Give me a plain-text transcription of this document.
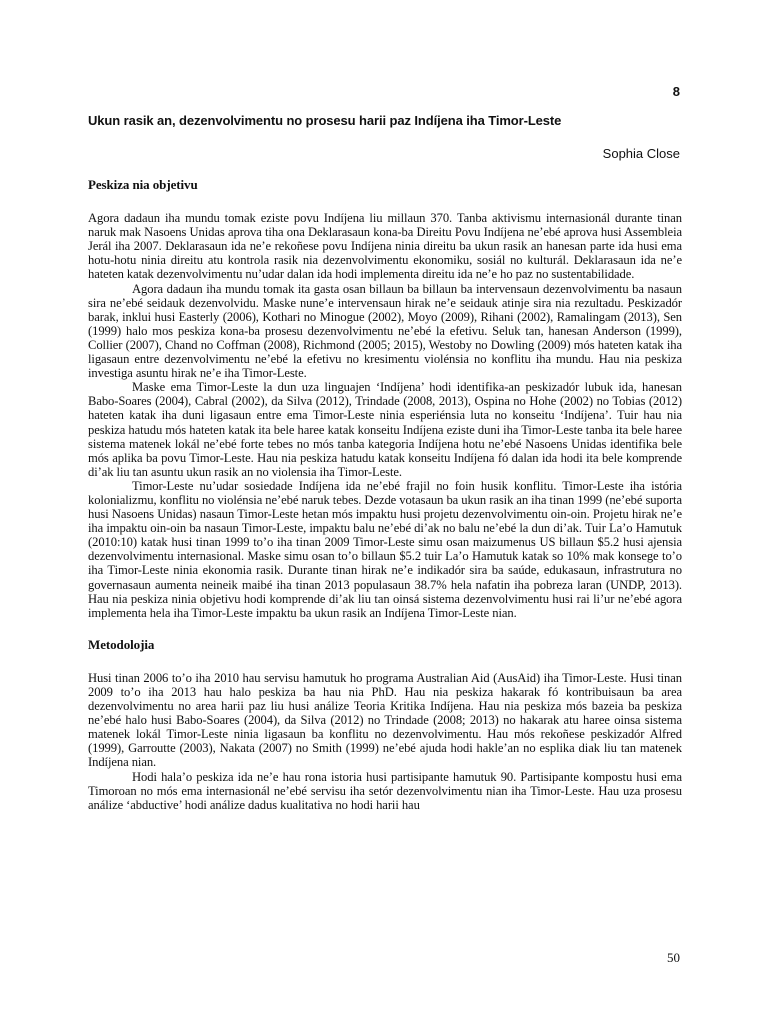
8
Ukun rasik an, dezenvolvimentu no prosesu harii paz Indíjena iha Timor-Leste
Sophia Close
Peskiza nia objetivu

Agora dadaun iha mundu tomak eziste povu Indíjena liu millaun 370. Tanba aktivismu internasionál durante tinan naruk mak Nasoens Unidas aprova tiha ona Deklarasaun kona-ba Direitu Povu Indíjena ne’ebé aprova husi Assembleia Jerál iha 2007. Deklarasaun ida ne’e rekoñese povu Indíjena ninia direitu ba ukun rasik an hanesan parte ida husi ema hotu-hotu ninia direitu atu kontrola rasik nia dezenvolvimentu ekonomiku, sosiál no kulturál. Deklarasaun ida ne’e hateten katak dezenvolvimentu nu’udar dalan ida hodi implementa direitu ida ne’e ho paz no sustentabilidade.

Agora dadaun iha mundu tomak ita gasta osan billaun ba billaun ba intervensaun dezenvolvimentu ba nasaun sira ne’ebé seidauk dezenvolvidu. Maske nune’e intervensaun hirak ne’e seidauk atinje sira nia rezultadu. Peskizadór barak, inklui husi Easterly (2006), Kothari no Minogue (2002), Moyo (2009), Rihani (2002), Ramalingam (2013), Sen (1999) halo mos peskiza kona-ba prosesu dezenvolvimentu ne’ebé la efetivu. Seluk tan, hanesan Anderson (1999), Collier (2007), Chand no Coffman (2008), Richmond (2005; 2015), Westoby no Dowling (2009) mós hateten katak iha ligasaun entre dezenvolvimentu ne’ebé la efetivu no kresimentu violénsia no konflitu iha mundu. Hau nia peskiza investiga asuntu hirak ne’e iha Timor-Leste.

Maske ema Timor-Leste la dun uza linguajen ‘Indíjena’ hodi identifika-an peskizadór lubuk ida, hanesan Babo-Soares (2004), Cabral (2002), da Silva (2012), Trindade (2008, 2013), Ospina no Hohe (2002) no Tobias (2012) hateten katak iha duni ligasaun entre ema Timor-Leste ninia esperiénsia luta no konseitu ‘Indíjena’. Tuir hau nia peskiza hatudu mós hateten katak ita bele haree katak konseitu Indíjena eziste duni iha Timor-Leste tanba ita bele haree sistema matenek lokál ne’ebé forte tebes no mós tanba kategoria Indíjena hotu ne’ebé Nasoens Unidas identifika bele mós aplika ba povu Timor-Leste. Hau nia peskiza hatudu katak konseitu Indíjena fó dalan ida hodi ita bele komprende di’ak liu tan asuntu ukun rasik an no violensia iha Timor-Leste.

Timor-Leste nu’udar sosiedade Indíjena ida ne’ebé frajil no foin husik konflitu. Timor-Leste iha istória kolonializmu, konflitu no violénsia ne’ebé naruk tebes. Dezde votasaun ba ukun rasik an iha tinan 1999 (ne’ebé suporta husi Nasoens Unidas) nasaun Timor-Leste hetan mós impaktu husi projetu dezenvolvimentu oin-oin. Projetu hirak ne’e iha impaktu oin-oin ba nasaun Timor-Leste, impaktu balu ne’ebé di’ak no balu ne’ebé la dun di’ak. Tuir La’o Hamutuk (2010:10) katak husi tinan 1999 to’o iha tinan 2009 Timor-Leste simu osan maizumenus US billaun $5.2 husi ajensia dezenvolvimentu internasional. Maske simu osan to’o billaun $5.2 tuir La’o Hamutuk katak so 10% mak konsege to’o iha Timor-Leste ninia ekonomia rasik. Durante tinan hirak ne’e indikadór sira ba saúde, edukasaun, infrastrutura no governasaun aumenta neineik maibé iha tinan 2013 populasaun 38.7% hela nafatin iha pobreza laran (UNDP, 2013). Hau nia peskiza ninia objetivu hodi komprende di’ak liu tan oinsá sistema dezenvolvimentu husi rai li’ur ne’ebé agora implementa hela iha Timor-Leste impaktu ba ukun rasik an Indíjena Timor-Leste nian.

Metodolojia

Husi tinan 2006 to’o iha 2010 hau servisu hamutuk ho programa Australian Aid (AusAid) iha Timor-Leste. Husi tinan 2009 to’o iha 2013 hau halo peskiza ba hau nia PhD. Hau nia peskiza hakarak fó kontribuisaun ba area dezenvolvimentu no area harii paz liu husi análize Teoria Kritika Indíjena. Hau nia peskiza mós bazeia ba peskiza ne’ebé halo husi Babo-Soares (2004), da Silva (2012) no Trindade (2008; 2013) no hakarak atu haree oinsa sistema matenek lokál Timor-Leste ninia ligasaun ba konflitu no dezenvolvimentu. Hau mós rekoñese peskizadór Alfred (1999), Garroutte (2003), Nakata (2007) no Smith (1999) ne’ebé ajuda hodi hakle’an no esplika diak liu tan matenek Indíjena nian.

Hodi hala’o peskiza ida ne’e hau rona istoria husi partisipante hamutuk 90. Partisipante kompostu husi ema Timoroan no mós ema internasionál ne’ebé servisu iha setór dezenvolvimentu nian iha Timor-Leste. Hau uza prosesu análize ‘abductive’ hodi análize dadus kualitativa no hodi harii hau

50
